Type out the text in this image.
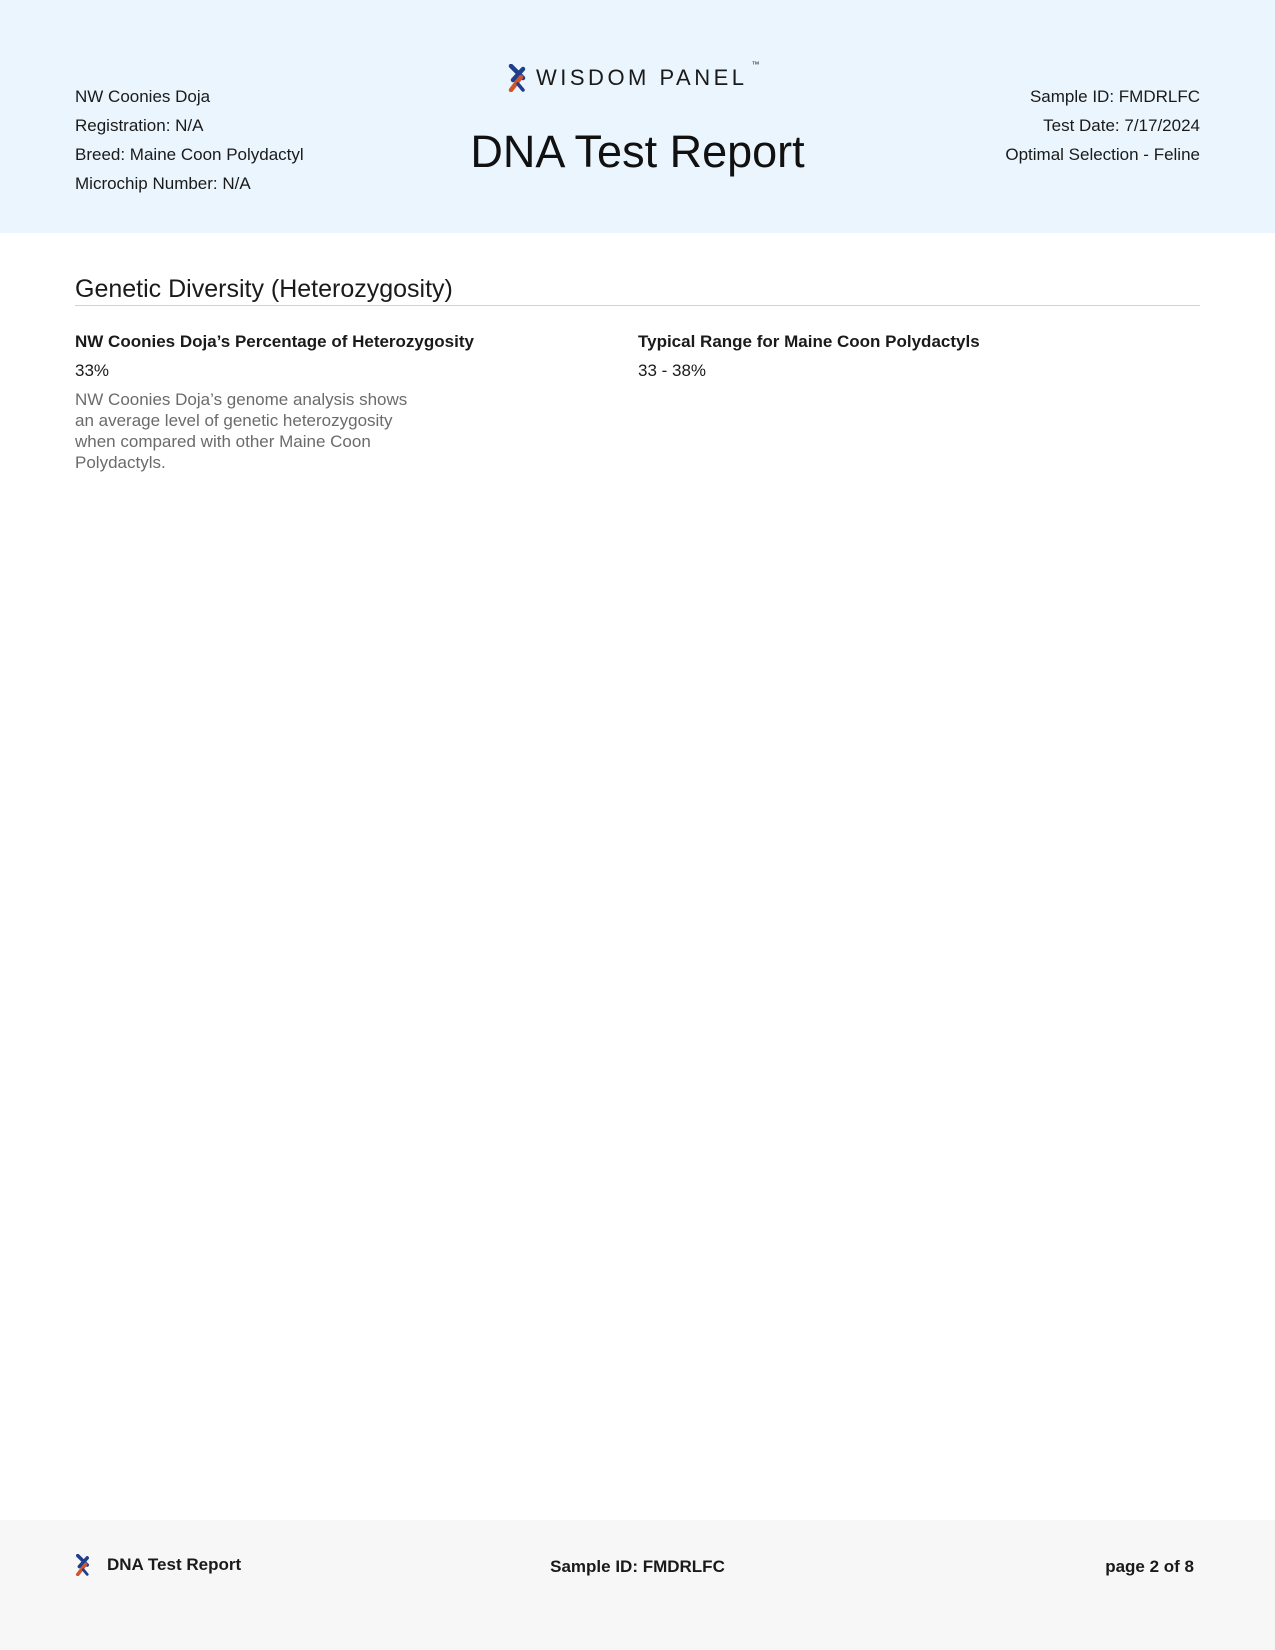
NW Coonies Doja
Registration: N/A
Breed: Maine Coon Polydactyl
Microchip Number: N/A
WISDOM PANEL
™
DNA Test Report
Sample ID: FMDRLFC
Test Date: 7/17/2024
Optimal Selection - Feline
Genetic Diversity (Heterozygosity)
NW Coonies Doja’s Percentage of Heterozygosity
33%
NW Coonies Doja’s genome analysis shows an average level of genetic heterozygosity when compared with other Maine Coon Polydactyls.
Typical Range for Maine Coon Polydactyls
33 - 38%
DNA Test Report	Sample ID: FMDRLFC	page 2 of 8
